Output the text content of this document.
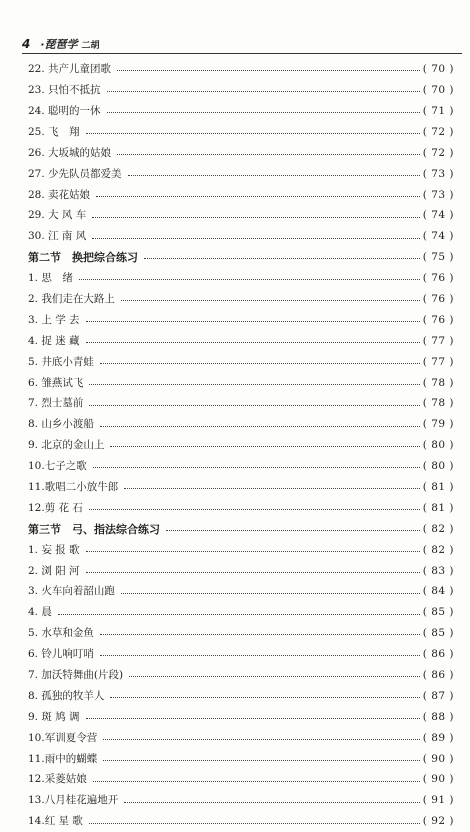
4 ·琵琶学 二胡
22. 共产儿童团歌	( 70 )
23. 只怕不抵抗	( 70 )
24. 聪明的一休	( 71 )
25. 飞　翔	( 72 )
26. 大坂城的姑娘	( 72 )
27. 少先队员都爱美	( 73 )
28. 卖花姑娘	( 73 )
29. 大 风 车	( 74 )
30. 江 南 风	( 74 )
第二节　换把综合练习	( 75 )
1. 思　绪	( 76 )
2. 我们走在大路上	( 76 )
3. 上 学 去	( 76 )
4. 捉 迷 藏	( 77 )
5. 井底小青蛙	( 77 )
6. 雏燕试飞	( 78 )
7. 烈士墓前	( 78 )
8. 山乡小渡船	( 79 )
9. 北京的金山上	( 80 )
10.七子之歌	( 80 )
11.歌唱二小放牛郎	( 81 )
12.剪 花 石	( 81 )
第三节　弓、指法综合练习	( 82 )
1. 妄 报 歌	( 82 )
2. 浏 阳 河	( 83 )
3. 火车向着韶山跑	( 84 )
4. 晨	( 85 )
5. 水草和金鱼	( 85 )
6. 铃儿响叮哨	( 86 )
7. 加沃特舞曲(片段)	( 86 )
8. 孤独的牧羊人	( 87 )
9. 斑 鸠 调	( 88 )
10.军训夏令营	( 89 )
11.雨中的蝴蝶	( 90 )
12.采菱姑娘	( 90 )
13.八月桂花遍地开	( 91 )
14.红 星 歌	( 92 )
